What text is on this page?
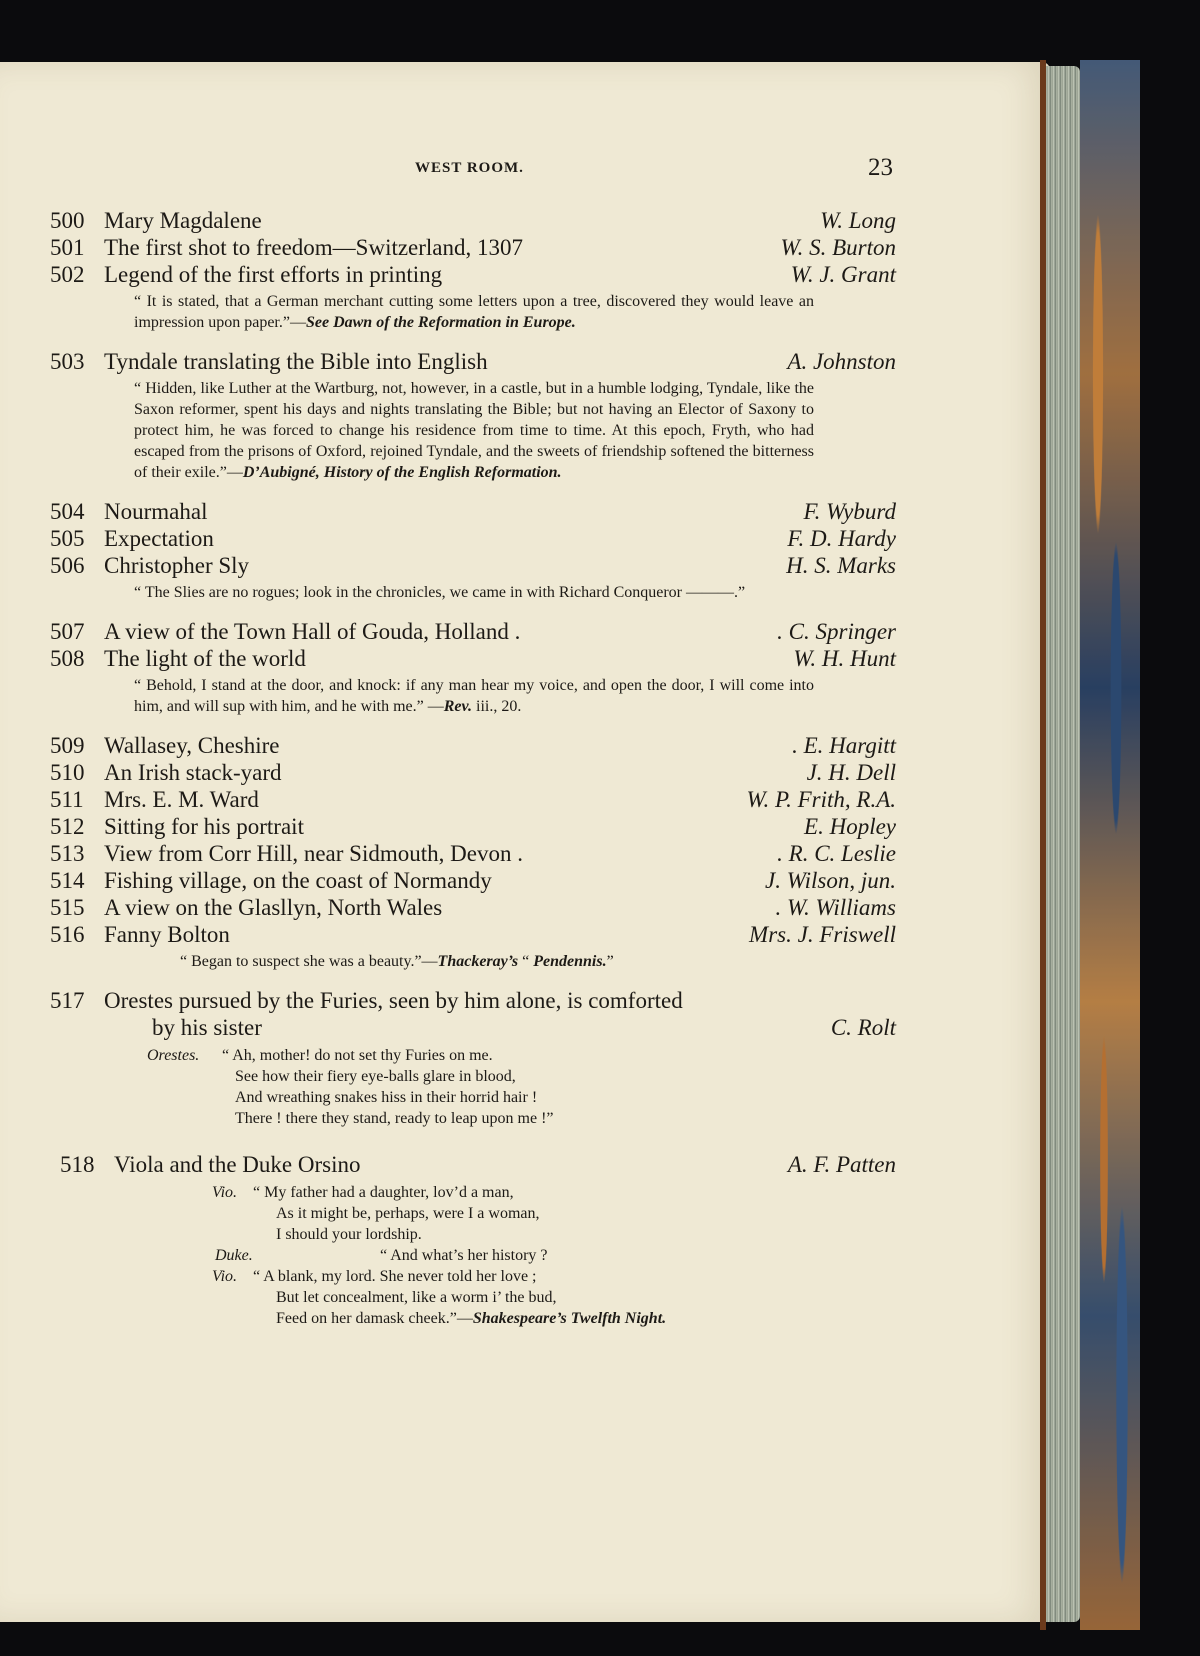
WEST ROOM.	23
500 Mary Magdalene	W. Long
501 The first shot to freedom—Switzerland, 1307	W. S. Burton
502 Legend of the first efforts in printing	W. J. Grant
“ It is stated, that a German merchant cutting some letters upon a tree, discovered they would leave an impression upon paper.”—See Dawn of the Reformation in Europe.
503 Tyndale translating the Bible into English	A. Johnston
“ Hidden, like Luther at the Wartburg, not, however, in a castle, but in a humble lodging, Tyndale, like the Saxon reformer, spent his days and nights translating the Bible; but not having an Elector of Saxony to protect him, he was forced to change his residence from time to time. At this epoch, Fryth, who had escaped from the prisons of Oxford, rejoined Tyndale, and the sweets of friendship softened the bitterness of their exile.”—D’Aubigné, History of the English Reformation.
504 Nourmahal	F. Wyburd
505 Expectation	F. D. Hardy
506 Christopher Sly	H. S. Marks
“ The Slies are no rogues; look in the chronicles, we came in with Richard Conqueror ———.”
507 A view of the Town Hall of Gouda, Holland .	. C. Springer
508 The light of the world	W. H. Hunt
“ Behold, I stand at the door, and knock: if any man hear my voice, and open the door, I will come into him, and will sup with him, and he with me.” —Rev. iii., 20.
509 Wallasey, Cheshire	. E. Hargitt
510 An Irish stack-yard	J. H. Dell
511 Mrs. E. M. Ward	W. P. Frith, R.A.
512 Sitting for his portrait	E. Hopley
513 View from Corr Hill, near Sidmouth, Devon .	. R. C. Leslie
514 Fishing village, on the coast of Normandy	J. Wilson, jun.
515 A view on the Glasllyn, North Wales	. W. Williams
516 Fanny Bolton	Mrs. J. Friswell
“ Began to suspect she was a beauty.”—Thackeray’s “ Pendennis.”
517 Orestes pursued by the Furies, seen by him alone, is comforted
by his sister	C. Rolt
Orestes. “ Ah, mother! do not set thy Furies on me.
See how their fiery eye-balls glare in blood,
And wreathing snakes hiss in their horrid hair !
There ! there they stand, ready to leap upon me !”
518 Viola and the Duke Orsino	A. F. Patten
Vio. “ My father had a daughter, lov’d a man,
As it might be, perhaps, were I a woman,
I should your lordship.
Duke.	“ And what’s her history ?
Vio. “ A blank, my lord. She never told her love ;
But let concealment, like a worm i’ the bud,
Feed on her damask cheek.”—Shakespeare’s Twelfth Night.
